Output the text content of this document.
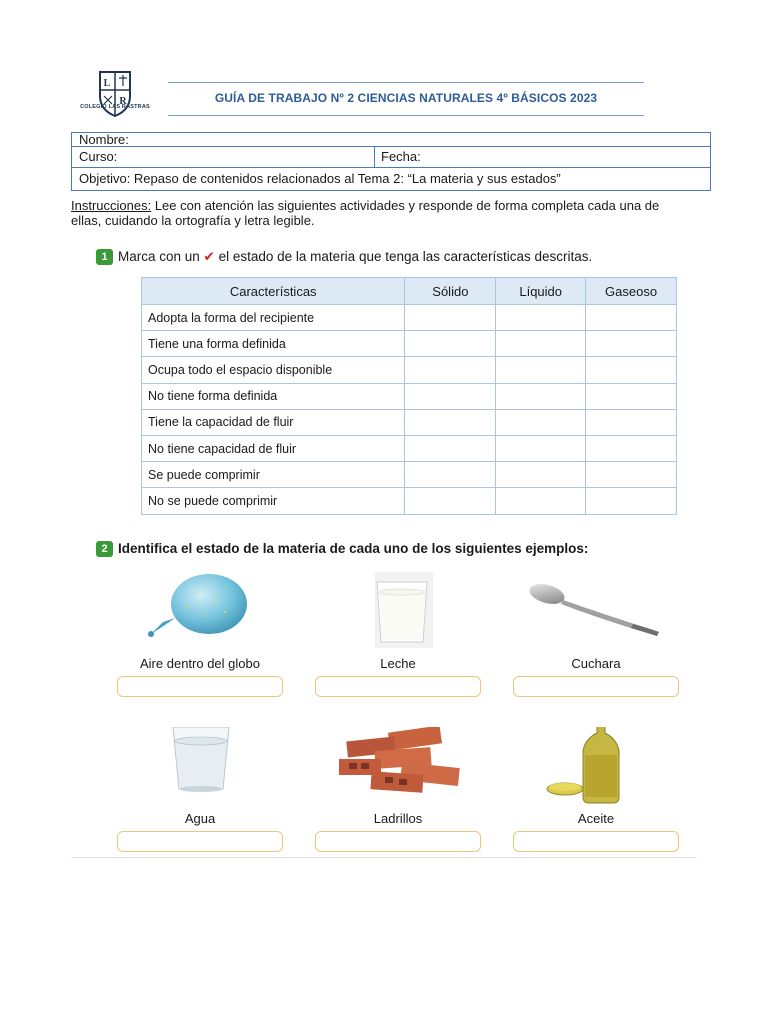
L
R
COLEGIO LAS RASTRAS
GUÍA DE TRABAJO Nº 2 CIENCIAS NATURALES 4º BÁSICOS 2023
Nombre:
Curso:	Fecha:
Objetivo: Repaso de contenidos relacionados al Tema 2: “La materia y sus estados”
Instrucciones: Lee con atención las siguientes actividades y responde de forma completa cada una de ellas, cuidando la ortografía y letra legible.
1 Marca con un ✔ el estado de la materia que tenga las características descritas.
Características	Sólido	Líquido	Gaseoso
Adopta la forma del recipiente			
Tiene una forma definida			
Ocupa todo el espacio disponible			
No tiene forma definida			
Tiene la capacidad de fluir			
No tiene capacidad de fluir			
Se puede comprimir			
No se puede comprimir			
2 Identifica el estado de la materia de cada uno de los siguientes ejemplos:
Aire dentro del globo	Leche	Cuchara
Agua	Ladrillos	Aceite
